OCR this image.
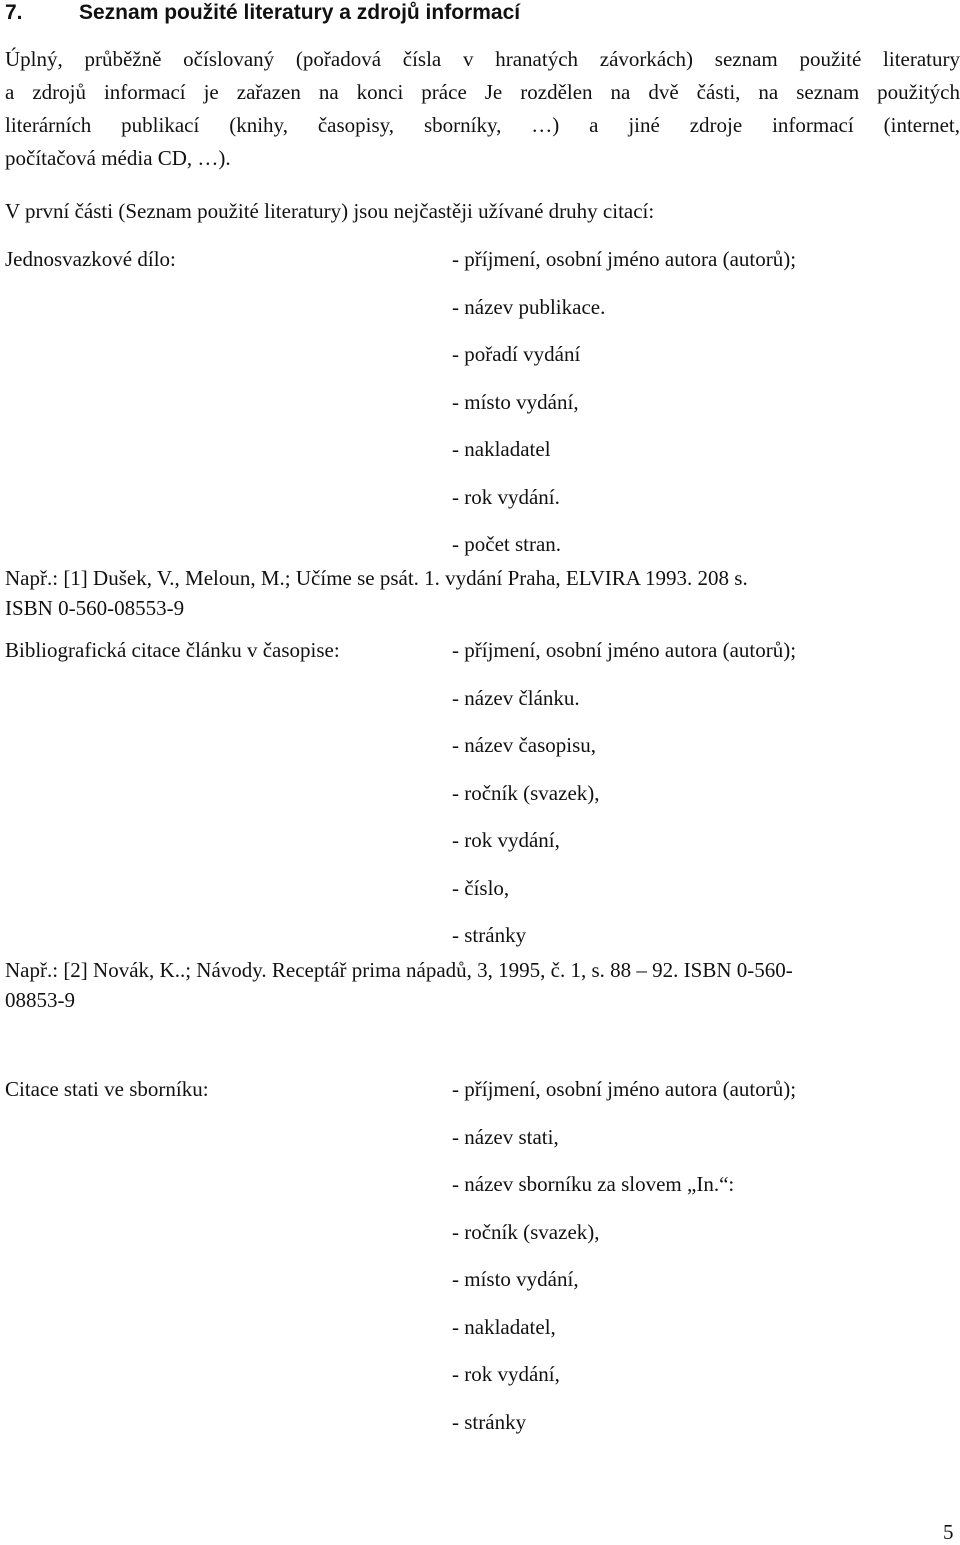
7.	Seznam použité literatury a zdrojů informací
Úplný, průběžně očíslovaný (pořadová čísla v hranatých závorkách) seznam použité literatury
a zdrojů informací je zařazen na konci práce Je rozdělen na dvě části, na seznam použitých
literárních publikací (knihy, časopisy, sborníky, …) a jiné zdroje informací (internet,
počítačová média CD, …).
V první části (Seznam použité literatury) jsou nejčastěji užívané druhy citací:
Jednosvazkové dílo:	- příjmení, osobní jméno autora (autorů);
- název publikace.
- pořadí vydání
- místo vydání,
- nakladatel
- rok vydání.
- počet stran.
Např.: [1] Dušek, V., Meloun, M.; Učíme se psát. 1. vydání Praha, ELVIRA 1993. 208 s.
ISBN 0-560-08553-9
Bibliografická citace článku v časopise:	- příjmení, osobní jméno autora (autorů);
- název článku.
- název časopisu,
- ročník (svazek),
- rok vydání,
- číslo,
- stránky
Např.: [2] Novák, K..; Návody. Receptář prima nápadů, 3, 1995, č. 1, s. 88 – 92. ISBN 0-560-
08853-9
Citace stati ve sborníku:	- příjmení, osobní jméno autora (autorů);
- název stati,
- název sborníku za slovem „In.“:
- ročník (svazek),
- místo vydání,
- nakladatel,
- rok vydání,
- stránky
5
